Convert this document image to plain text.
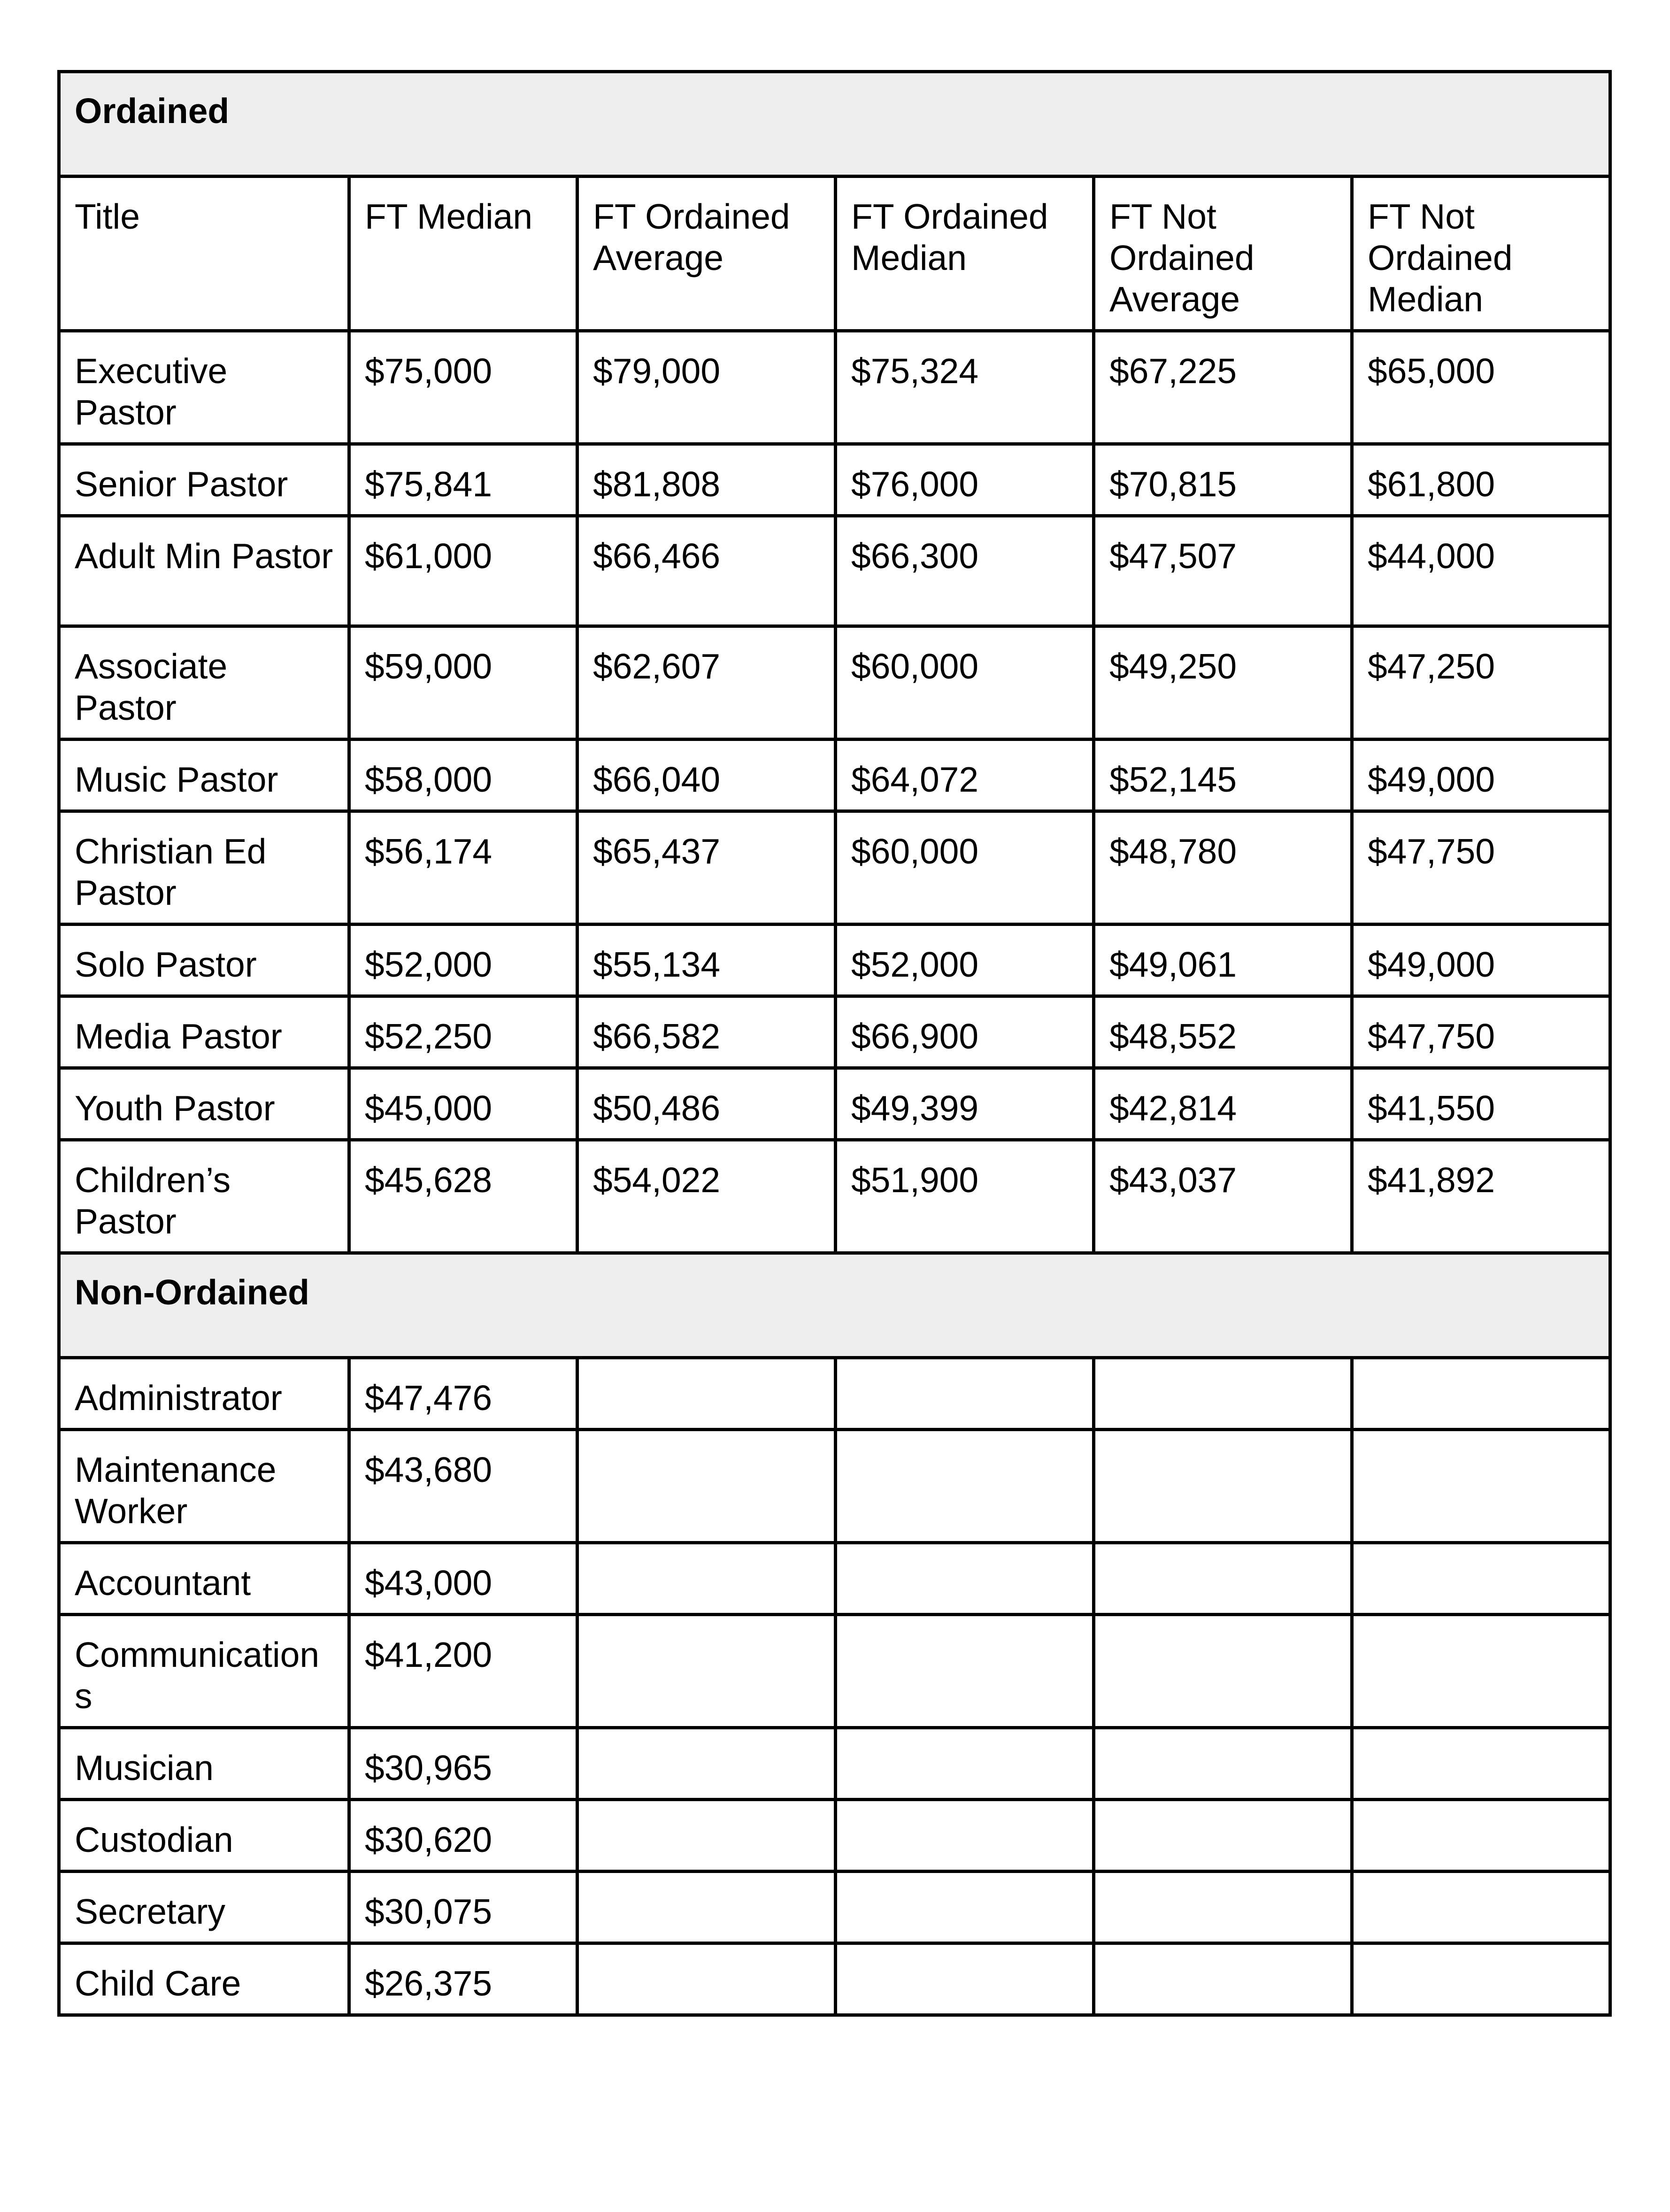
Ordained					
Title	FT Median	FT Ordained Average	FT Ordained Median	FT Not Ordained Average	FT Not Ordained Median
Executive Pastor	$75,000	$79,000	$75,324	$67,225	$65,000
Senior Pastor	$75,841	$81,808	$76,000	$70,815	$61,800
Adult Min Pastor	$61,000	$66,466	$66,300	$47,507	$44,000
Associate Pastor	$59,000	$62,607	$60,000	$49,250	$47,250
Music Pastor	$58,000	$66,040	$64,072	$52,145	$49,000
Christian Ed Pastor	$56,174	$65,437	$60,000	$48,780	$47,750
Solo Pastor	$52,000	$55,134	$52,000	$49,061	$49,000
Media Pastor	$52,250	$66,582	$66,900	$48,552	$47,750
Youth Pastor	$45,000	$50,486	$49,399	$42,814	$41,550
Children’s Pastor	$45,628	$54,022	$51,900	$43,037	$41,892
Non-Ordained					
Administrator	$47,476				
Maintenance Worker	$43,680				
Accountant	$43,000				
Communications	$41,200				
Musician	$30,965				
Custodian	$30,620				
Secretary	$30,075				
Child Care	$26,375				
